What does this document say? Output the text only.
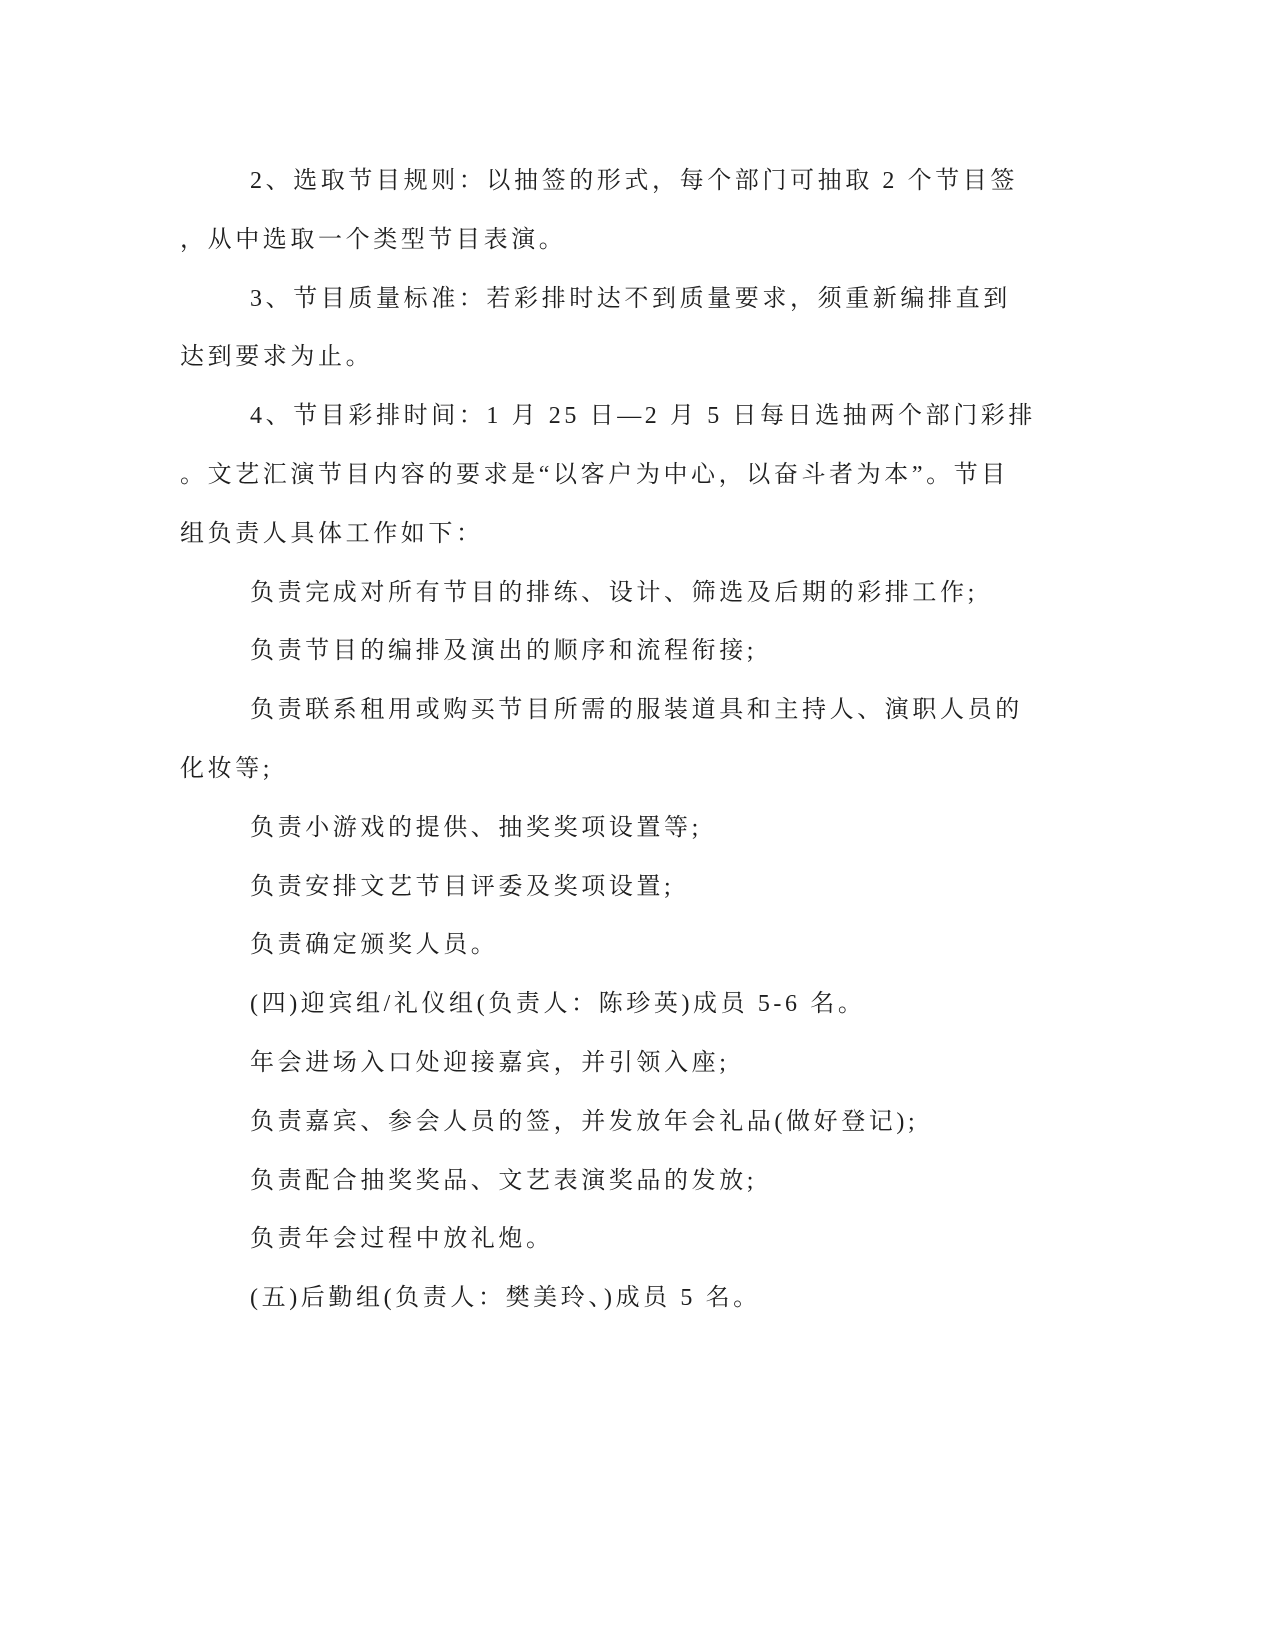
2、选取节目规则：以抽签的形式，每个部门可抽取 2 个节目签
，从中选取一个类型节目表演。
3、节目质量标准：若彩排时达不到质量要求，须重新编排直到
达到要求为止。
4、节目彩排时间：1 月 25 日—2 月 5 日每日选抽两个部门彩排
。文艺汇演节目内容的要求是“以客户为中心，以奋斗者为本”。节目
组负责人具体工作如下：
负责完成对所有节目的排练、设计、筛选及后期的彩排工作;
负责节目的编排及演出的顺序和流程衔接;
负责联系租用或购买节目所需的服装道具和主持人、演职人员的
化妆等;
负责小游戏的提供、抽奖奖项设置等;
负责安排文艺节目评委及奖项设置;
负责确定颁奖人员。
(四)迎宾组/礼仪组(负责人：陈珍英)成员 5-6 名。
年会进场入口处迎接嘉宾，并引领入座;
负责嘉宾、参会人员的签，并发放年会礼品(做好登记);
负责配合抽奖奖品、文艺表演奖品的发放;
负责年会过程中放礼炮。
(五)后勤组(负责人：樊美玲、)成员 5 名。
